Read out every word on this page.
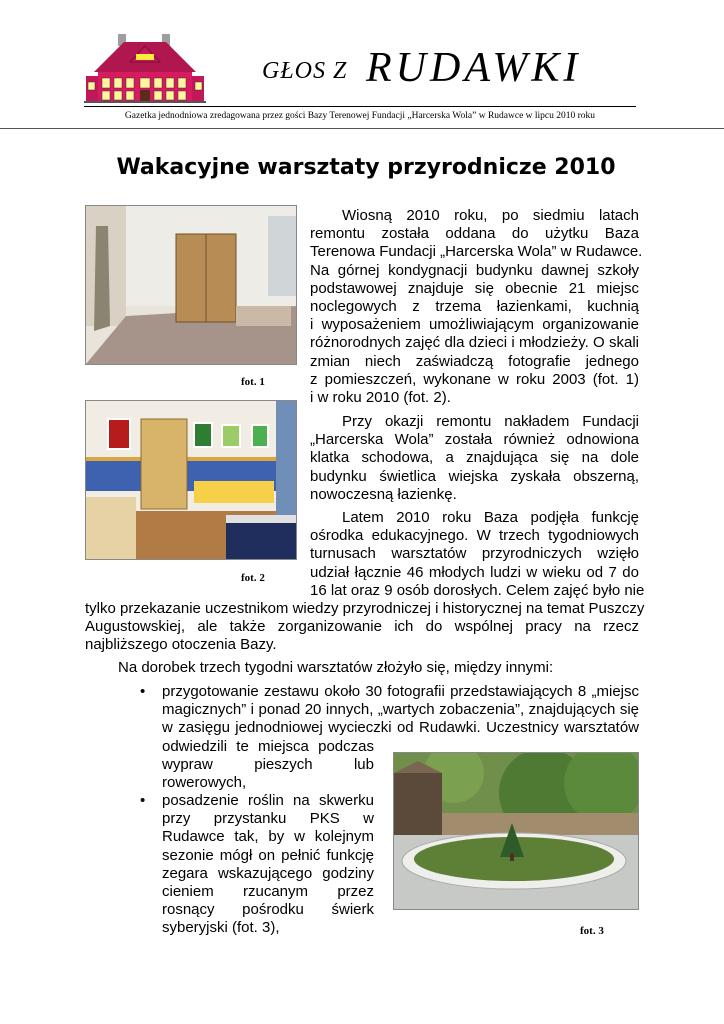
GŁOS Z RUDAWKI
Gazetka jednodniowa zredagowana przez gości Bazy Terenowej Fundacji „Harcerska Wola” w Rudawce w lipcu 2010 roku
Wakacyjne warsztaty przyrodnicze 2010
fot. 1
fot. 2
Wiosną 2010 roku, po siedmiu latach
remontu została oddana do użytku Baza
Terenowa Fundacji „Harcerska Wola” w Rudawce.
Na górnej kondygnacji budynku dawnej szkoły
podstawowej znajduje się obecnie 21 miejsc
noclegowych z trzema łazienkami, kuchnią
i wyposażeniem umożliwiającym organizowanie
różnorodnych zajęć dla dzieci i młodzieży. O skali
zmian niech zaświadczą fotografie jednego
z pomieszczeń, wykonane w roku 2003 (fot. 1)
i w roku 2010 (fot. 2).
Przy okazji remontu nakładem Fundacji
„Harcerska Wola” została również odnowiona
klatka schodowa, a znajdująca się na dole
budynku świetlica wiejska zyskała obszerną,
nowoczesną łazienkę.
Latem 2010 roku Baza podjęła funkcję
ośrodka edukacyjnego. W trzech tygodniowych
turnusach warsztatów przyrodniczych wzięło
udział łącznie 46 młodych ludzi w wieku od 7 do
16 lat oraz 9 osób dorosłych. Celem zajęć było nie
tylko przekazanie uczestnikom wiedzy przyrodniczej i historycznej na temat Puszczy
Augustowskiej, ale także zorganizowanie ich do wspólnej pracy na rzecz
najbliższego otoczenia Bazy.
Na dorobek trzech tygodni warsztatów złożyło się, między innymi:
• przygotowanie zestawu około 30 fotografii przedstawiających 8 „miejsc
magicznych” i ponad 20 innych, „wartych zobaczenia”, znajdujących się
w zasięgu jednodniowej wycieczki od Rudawki. Uczestnicy warsztatów
odwiedzili te miejsca podczas
wypraw pieszych lub
rowerowych,
• posadzenie roślin na skwerku
przy przystanku PKS w
Rudawce tak, by w kolejnym
sezonie mógł on pełnić funkcję
zegara wskazującego godziny
cieniem rzucanym przez
rosnący pośrodku świerk
syberyjski (fot. 3),	fot. 3
